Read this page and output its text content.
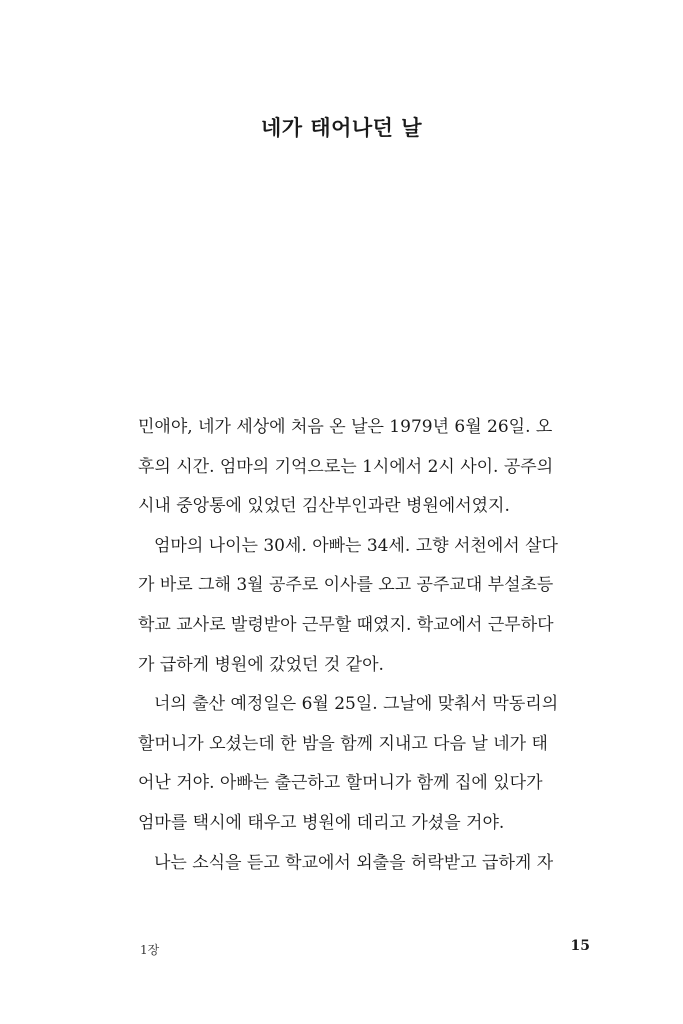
네가 태어나던 날
민애야, 네가 세상에 처음 온 날은 1979년 6월 26일. 오
후의 시간. 엄마의 기억으로는 1시에서 2시 사이. 공주의
시내 중앙통에 있었던 김산부인과란 병원에서였지.
엄마의 나이는 30세. 아빠는 34세. 고향 서천에서 살다
가 바로 그해 3월 공주로 이사를 오고 공주교대 부설초등
학교 교사로 발령받아 근무할 때였지. 학교에서 근무하다
가 급하게 병원에 갔었던 것 같아.
너의 출산 예정일은 6월 25일. 그날에 맞춰서 막동리의
할머니가 오셨는데 한 밤을 함께 지내고 다음 날 네가 태
어난 거야. 아빠는 출근하고 할머니가 함께 집에 있다가
엄마를 택시에 태우고 병원에 데리고 가셨을 거야.
나는 소식을 듣고 학교에서 외출을 허락받고 급하게 자
1장	15
